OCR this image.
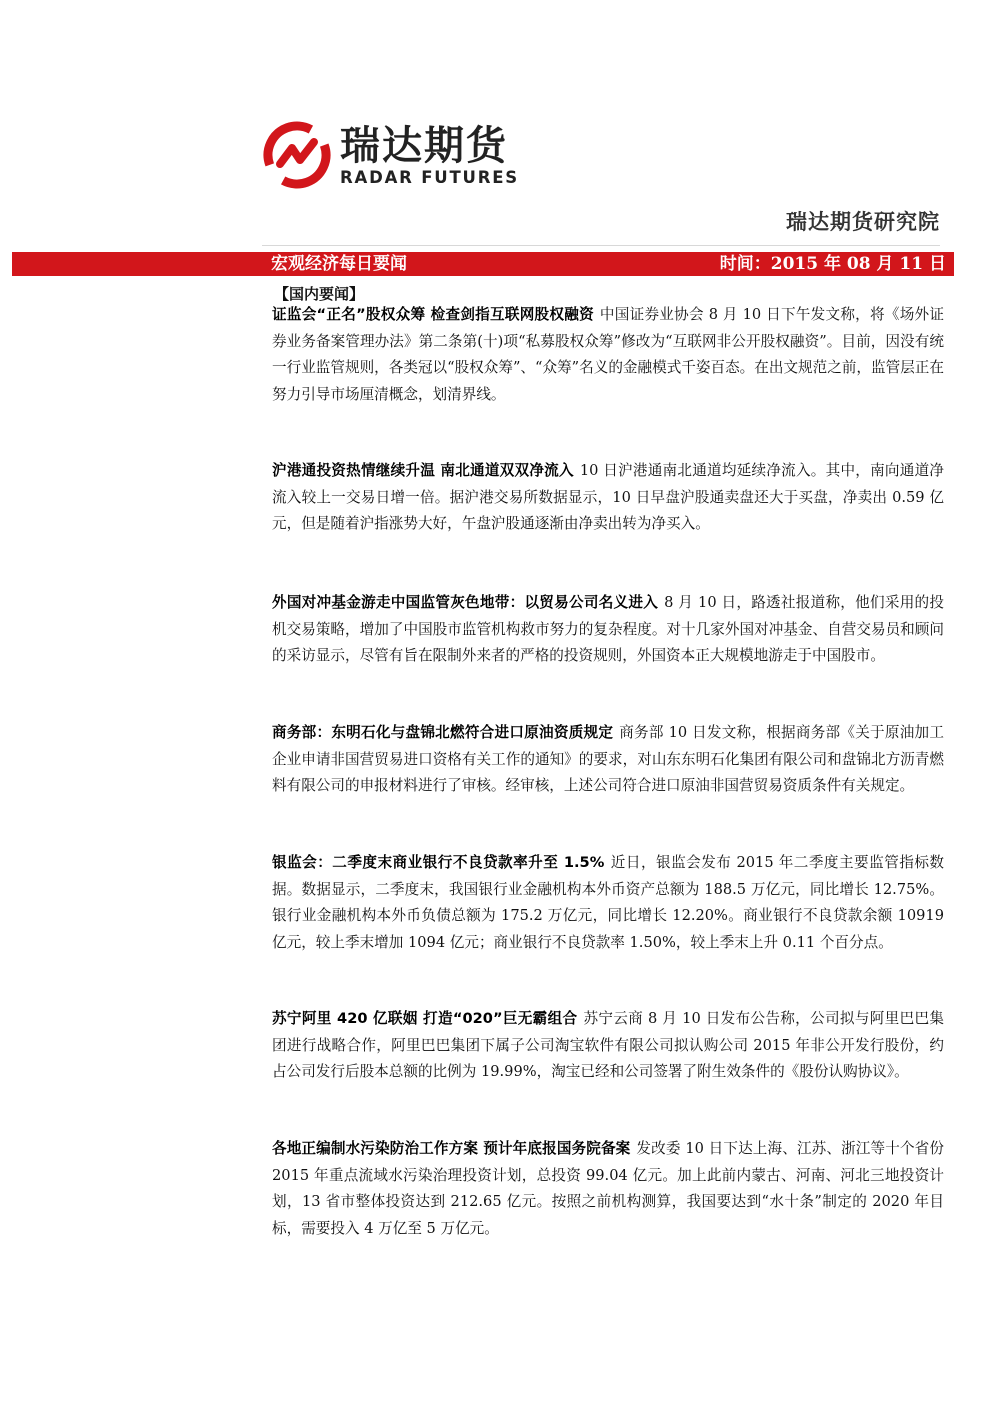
瑞达期货
RADAR FUTURES
瑞达期货研究院
宏观经济每日要闻	时间：2015 年 08 月 11 日
【国内要闻】
证监会“正名”股权众筹 检查剑指互联网股权融资 中国证券业协会 8 月 10 日下午发文称，将《场外证券业务备案管理办法》第二条第(十)项“私募股权众筹”修改为“互联网非公开股权融资”。目前，因没有统一行业监管规则，各类冠以“股权众筹”、“众筹”名义的金融模式千姿百态。在出文规范之前，监管层正在努力引导市场厘清概念，划清界线。
沪港通投资热情继续升温 南北通道双双净流入 10 日沪港通南北通道均延续净流入。其中，南向通道净流入较上一交易日增一倍。据沪港交易所数据显示，10 日早盘沪股通卖盘还大于买盘，净卖出 0.59 亿元，但是随着沪指涨势大好，午盘沪股通逐渐由净卖出转为净买入。
外国对冲基金游走中国监管灰色地带：以贸易公司名义进入 8 月 10 日，路透社报道称，他们采用的投机交易策略，增加了中国股市监管机构救市努力的复杂程度。对十几家外国对冲基金、自营交易员和顾问的采访显示，尽管有旨在限制外来者的严格的投资规则，外国资本正大规模地游走于中国股市。
商务部：东明石化与盘锦北燃符合进口原油资质规定 商务部 10 日发文称，根据商务部《关于原油加工企业申请非国营贸易进口资格有关工作的通知》的要求，对山东东明石化集团有限公司和盘锦北方沥青燃料有限公司的申报材料进行了审核。经审核，上述公司符合进口原油非国营贸易资质条件有关规定。
银监会：二季度末商业银行不良贷款率升至 1.5% 近日，银监会发布 2015 年二季度主要监管指标数据。数据显示，二季度末，我国银行业金融机构本外币资产总额为 188.5 万亿元，同比增长 12.75%。银行业金融机构本外币负债总额为 175.2 万亿元，同比增长 12.20%。商业银行不良贷款余额 10919 亿元，较上季末增加 1094 亿元；商业银行不良贷款率 1.50%，较上季末上升 0.11 个百分点。
苏宁阿里 420 亿联姻 打造“020”巨无霸组合 苏宁云商 8 月 10 日发布公告称，公司拟与阿里巴巴集团进行战略合作，阿里巴巴集团下属子公司淘宝软件有限公司拟认购公司 2015 年非公开发行股份，约占公司发行后股本总额的比例为 19.99%，淘宝已经和公司签署了附生效条件的《股份认购协议》。
各地正编制水污染防治工作方案 预计年底报国务院备案 发改委 10 日下达上海、江苏、浙江等十个省份 2015 年重点流域水污染治理投资计划，总投资 99.04 亿元。加上此前内蒙古、河南、河北三地投资计划，13 省市整体投资达到 212.65 亿元。按照之前机构测算，我国要达到“水十条”制定的 2020 年目标，需要投入 4 万亿至 5 万亿元。
